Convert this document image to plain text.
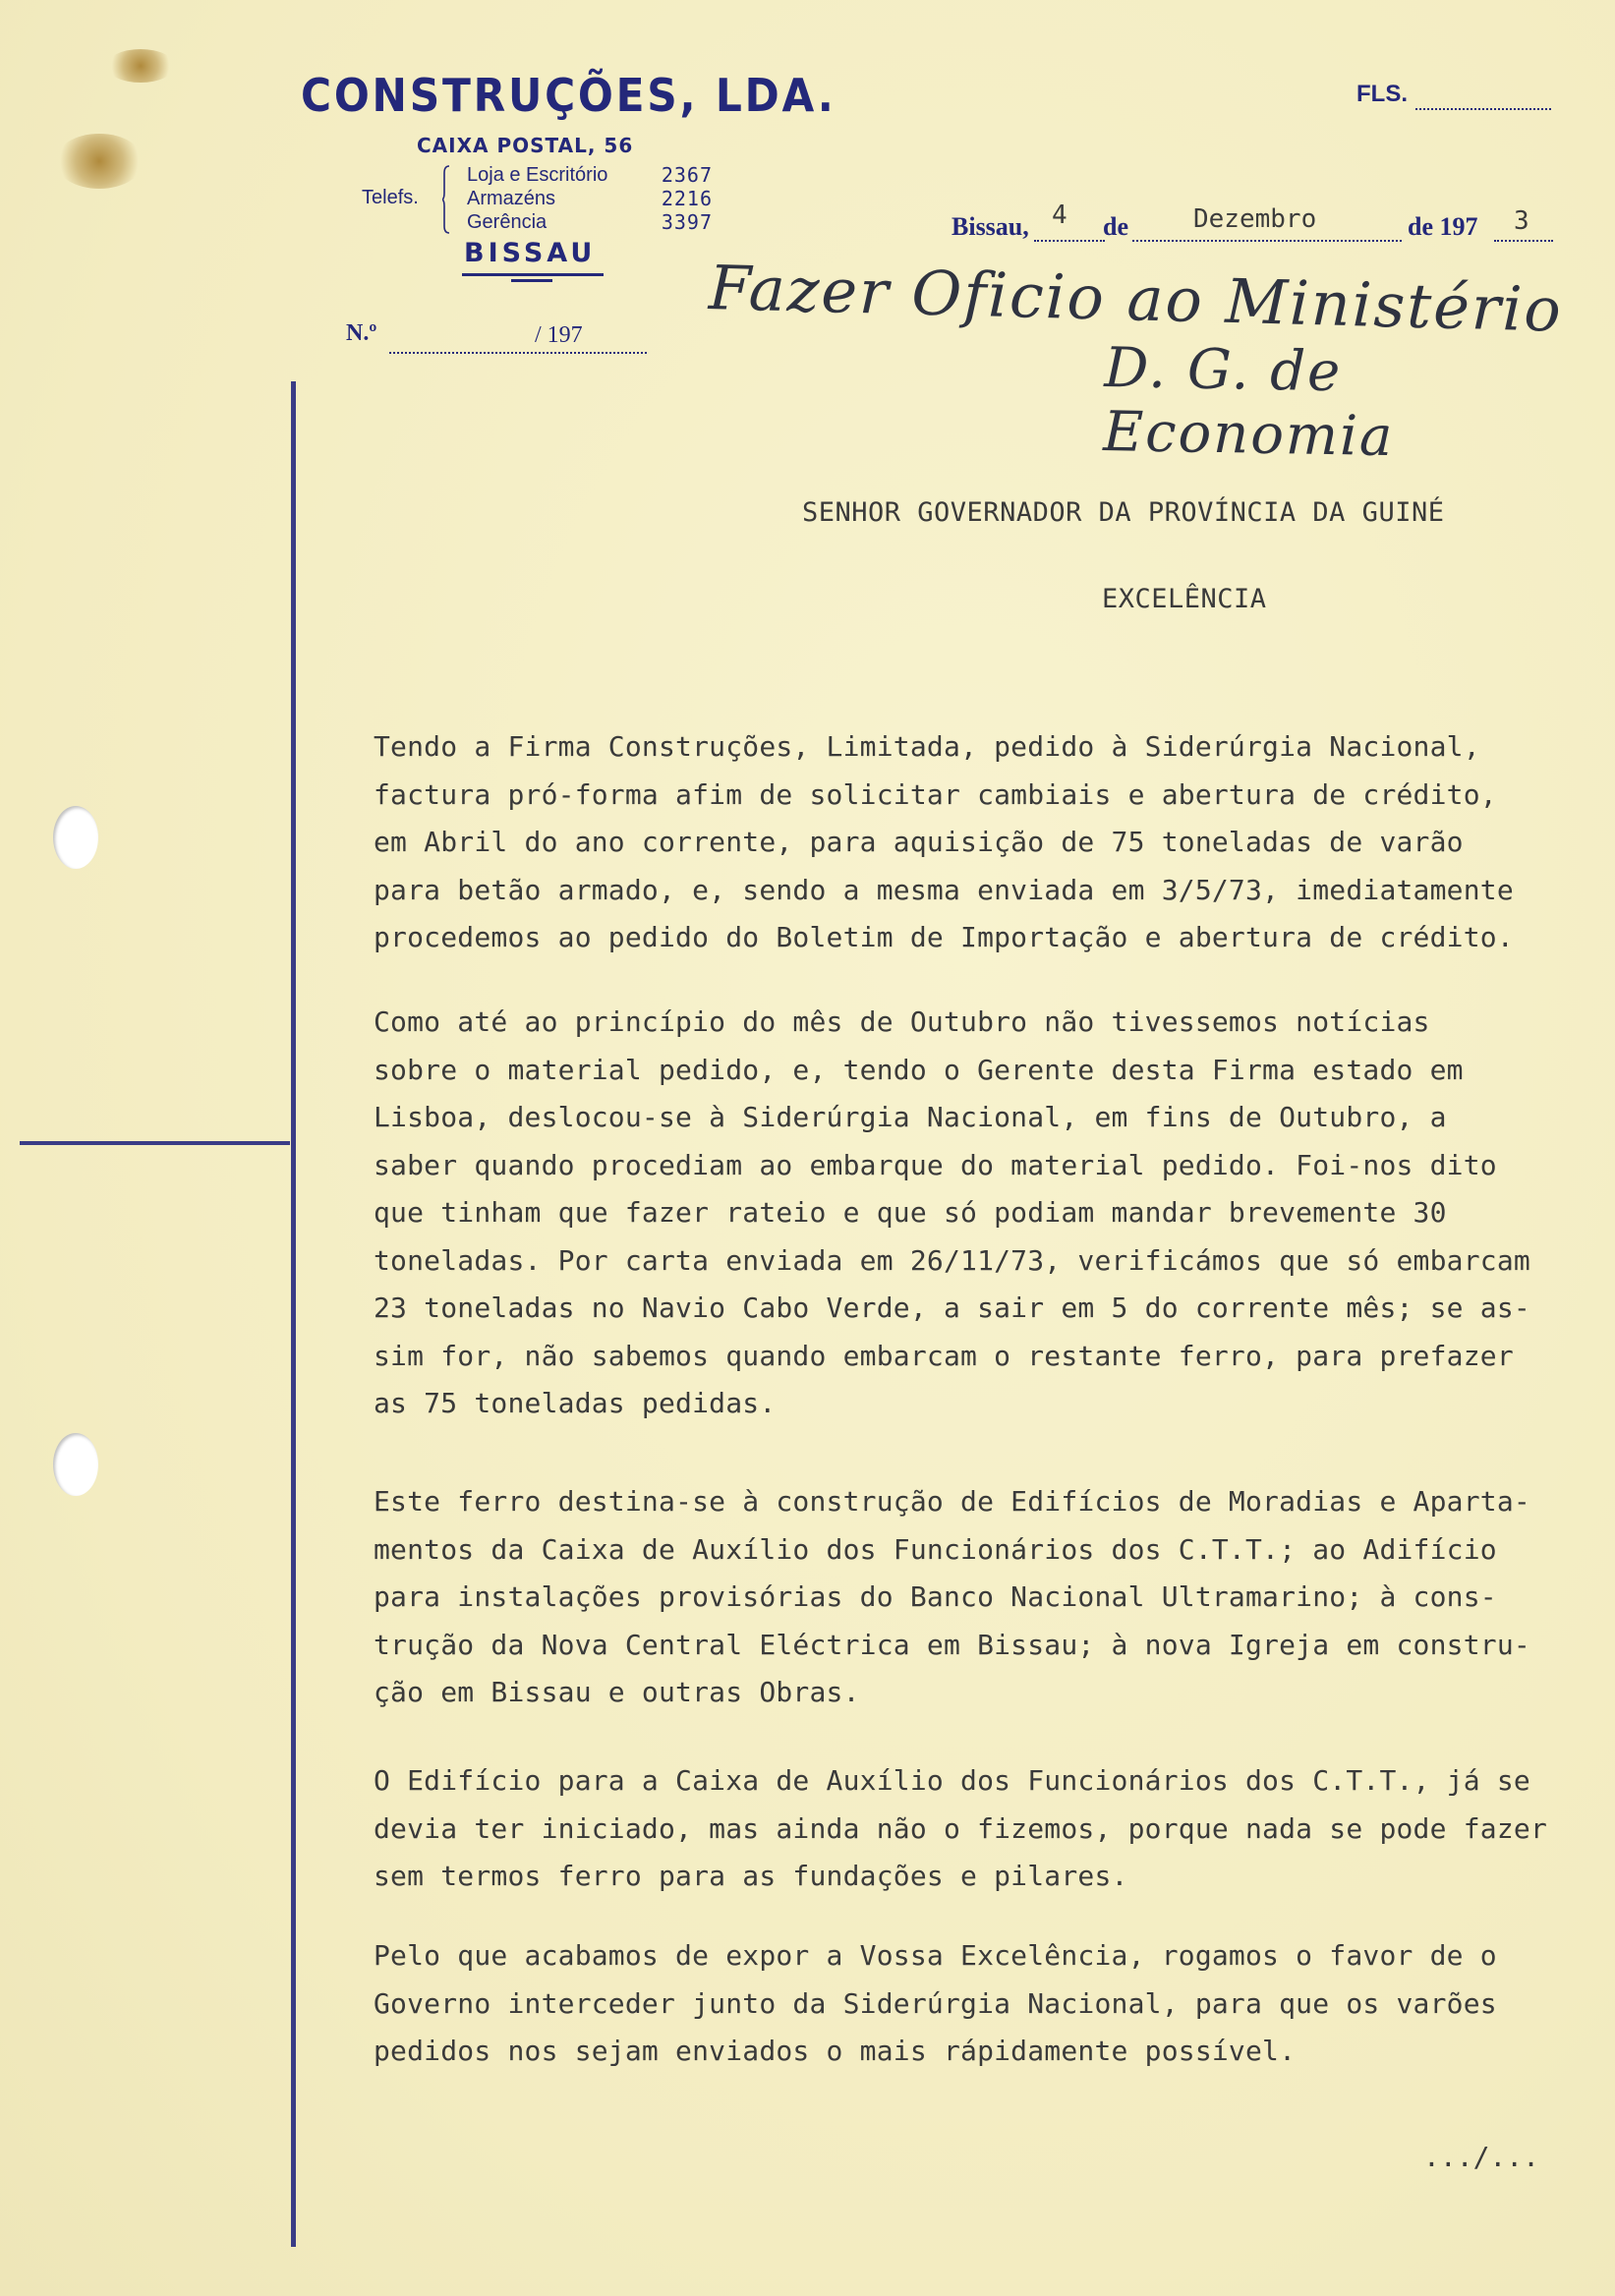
CONSTRUÇÕES, LDA.
CAIXA POSTAL, 56
Telefs.
Loja e Escritório	2367
Armazéns	2216
Gerência	3397
BISSAU
N.º	/ 197
FLS.
Bissau, 4 de	Dezembro	de 197 3
Fazer Oficio ao Ministério
D. G. de Economia
SENHOR GOVERNADOR DA PROVÍNCIA DA GUINÉ
EXCELÊNCIA
Tendo a Firma Construções, Limitada, pedido à Siderúrgia Nacional,
factura pró-forma afim de solicitar cambiais e abertura de crédito,
em Abril do ano corrente, para aquisição de 75 toneladas de varão
para betão armado, e, sendo a mesma enviada em 3/5/73, imediatamente
procedemos ao pedido do Boletim de Importação e abertura de crédito.
Como até ao princípio do mês de Outubro não tivessemos notícias
sobre o material pedido, e, tendo o Gerente desta Firma estado em
Lisboa, deslocou-se à Siderúrgia Nacional, em fins de Outubro, a
saber quando procediam ao embarque do material pedido. Foi-nos dito
que tinham que fazer rateio e que só podiam mandar brevemente 30
toneladas. Por carta enviada em 26/11/73, verificámos que só embarcam
23 toneladas no Navio Cabo Verde, a sair em 5 do corrente mês; se as-
sim for, não sabemos quando embarcam o restante ferro, para prefazer
as 75 toneladas pedidas.
Este ferro destina-se à construção de Edifícios de Moradias e Aparta-
mentos da Caixa de Auxílio dos Funcionários dos C.T.T.; ao Adifício
para instalações provisórias do Banco Nacional Ultramarino; à cons-
trução da Nova Central Eléctrica em Bissau; à nova Igreja em constru-
ção em Bissau e outras Obras.
O Edifício para a Caixa de Auxílio dos Funcionários dos C.T.T., já se
devia ter iniciado, mas ainda não o fizemos, porque nada se pode fazer
sem termos ferro para as fundações e pilares.
Pelo que acabamos de expor a Vossa Excelência, rogamos o favor de o
Governo interceder junto da Siderúrgia Nacional, para que os varões
pedidos nos sejam enviados o mais rápidamente possível.
.../...
